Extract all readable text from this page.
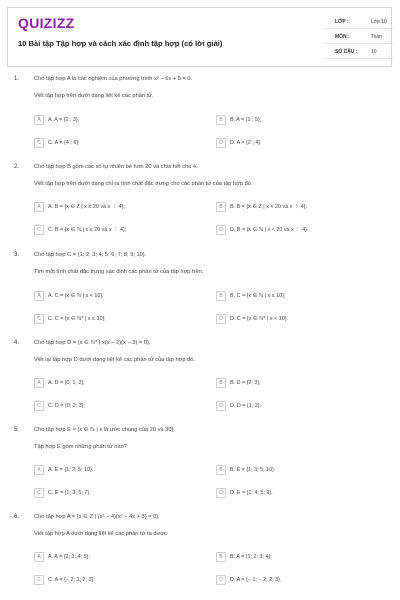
QUIZIZZ
10 Bài tập Tập hợp và cách xác định tập hợp (có lời giải)
LỚP :	Lớp 10
MÔN :	Toán
SỐ CÂU :	10
1.	Cho tập hợp A là các nghiệm của phương trình x² − 6x + 5 = 0.
Viết tập hợp trên dưới dạng liệt kê các phần tử.
A	A. A = {2 ; 3};	B	B. A = {1 ; 5};
C	C. A = {4 ; 6};	D	D. A = {2 ; 4}.
2.	Cho tập hợp B gồm các số tự nhiên bé hơn 20 và chia hết cho 4.
Viết tập hợp trên dưới dạng chỉ ra tính chất đặc trưng cho các phần tử của tập hợp đó.
A	A. B = {x ∈ Z | x ≤ 20 và x ⋮ 4};	B	B. B = {x ∈ Z | x < 20 và x ⋮ 4};
C	C. B = {x ∈ ℕ | x ≤ 20 và x ⋮ 4};	D	D. B = {x ∈ ℕ | x < 20 và x ⋮ 4}.
3.	Cho tập hợp C = {1; 2; 3; 4; 5; 6; 7; 8; 9; 10}.
Tìm một tính chất đặc trưng xác định các phần tử của tập hợp trên.
A	A. C = {x ∈ ℕ | x < 10};	B	B. C = {x ∈ ℕ | x ≤ 10};
C	C. C = {x ∈ ℕ* | x ≤ 10};	D	D. C = {x ∈ ℕ* | x < 10}.
4.	Cho tập hợp D = {x ∈ ℕ* | x(x − 2)(x − 3) = 0}.
Viết lại tập hợp D dưới dạng liệt kê các phần tử của tập hợp đó.
A	A. D = {0; 1; 2};	B	B. D = {2; 3};
C	C. D = {0; 2; 3};	D	D. D = {1; 2}.
5.	Cho tập hợp E = {x ∈ ℕ | x là ước chung của 20 và 30}.
Tập hợp E gồm những phần tử nào?
A	A. E = {1; 2; 5; 10}.	B	B. E = {1; 3; 5; 10}.
C	C. E = {1; 3; 5; 7}.	D	D. E = {1; 4; 5; 9}.
6.	Cho tập hợp A = {x ∈ Z | (x² − 4)(x² − 4x + 3) = 0}.
Viết tập hợp A dưới dạng liệt kê các phần tử ta được:
A	A. A = {2; 3; 4; 5};	B	B. A = {1; 2; 3; 4};
C	C. A = {− 2; 1; 2; 3};	D	D. A = {− 1; − 2; 2; 3}.
